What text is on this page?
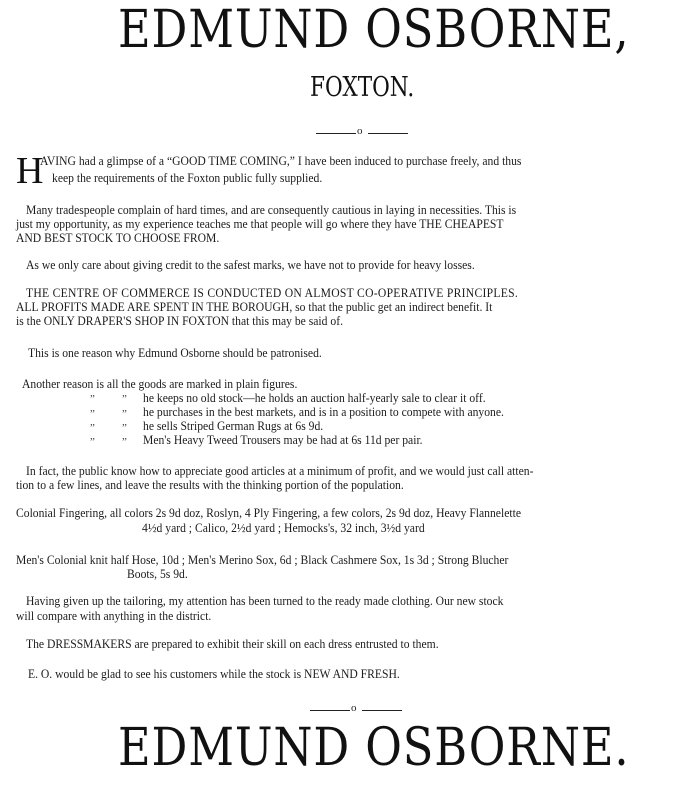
EDMUND OSBORNE,
FOXTON.
o
H
AVING had a glimpse of a “GOOD TIME COMING,” I have been induced to purchase freely, and thus
keep the requirements of the Foxton public fully supplied.
Many tradespeople complain of hard times, and are consequently cautious in laying in necessities. This is
just my opportunity, as my experience teaches me that people will go where they have THE CHEAPEST
AND BEST STOCK TO CHOOSE FROM.
As we only care about giving credit to the safest marks, we have not to provide for heavy losses.
THE CENTRE OF COMMERCE IS CONDUCTED ON ALMOST CO-OPERATIVE PRINCIPLES.
ALL PROFITS MADE ARE SPENT IN THE BOROUGH, so that the public get an indirect benefit. It
is the ONLY DRAPER'S SHOP IN FOXTON that this may be said of.
This is one reason why Edmund Osborne should be patronised.
Another reason is all the goods are marked in plain figures.
” ” he keeps no old stock—he holds an auction half-yearly sale to clear it off.
” ” he purchases in the best markets, and is in a position to compete with anyone.
” ” he sells Striped German Rugs at 6s 9d.
” ” Men's Heavy Tweed Trousers may be had at 6s 11d per pair.
In fact, the public know how to appreciate good articles at a minimum of profit, and we would just call atten-
tion to a few lines, and leave the results with the thinking portion of the population.
Colonial Fingering, all colors 2s 9d doz, Roslyn, 4 Ply Fingering, a few colors, 2s 9d doz, Heavy Flannelette
4½d yard ; Calico, 2½d yard ; Hemocks's, 32 inch, 3½d yard
Men's Colonial knit half Hose, 10d ; Men's Merino Sox, 6d ; Black Cashmere Sox, 1s 3d ; Strong Blucher
Boots, 5s 9d.
Having given up the tailoring, my attention has been turned to the ready made clothing. Our new stock
will compare with anything in the district.
The DRESSMAKERS are prepared to exhibit their skill on each dress entrusted to them.
E. O. would be glad to see his customers while the stock is NEW AND FRESH.
o
EDMUND OSBORNE.
